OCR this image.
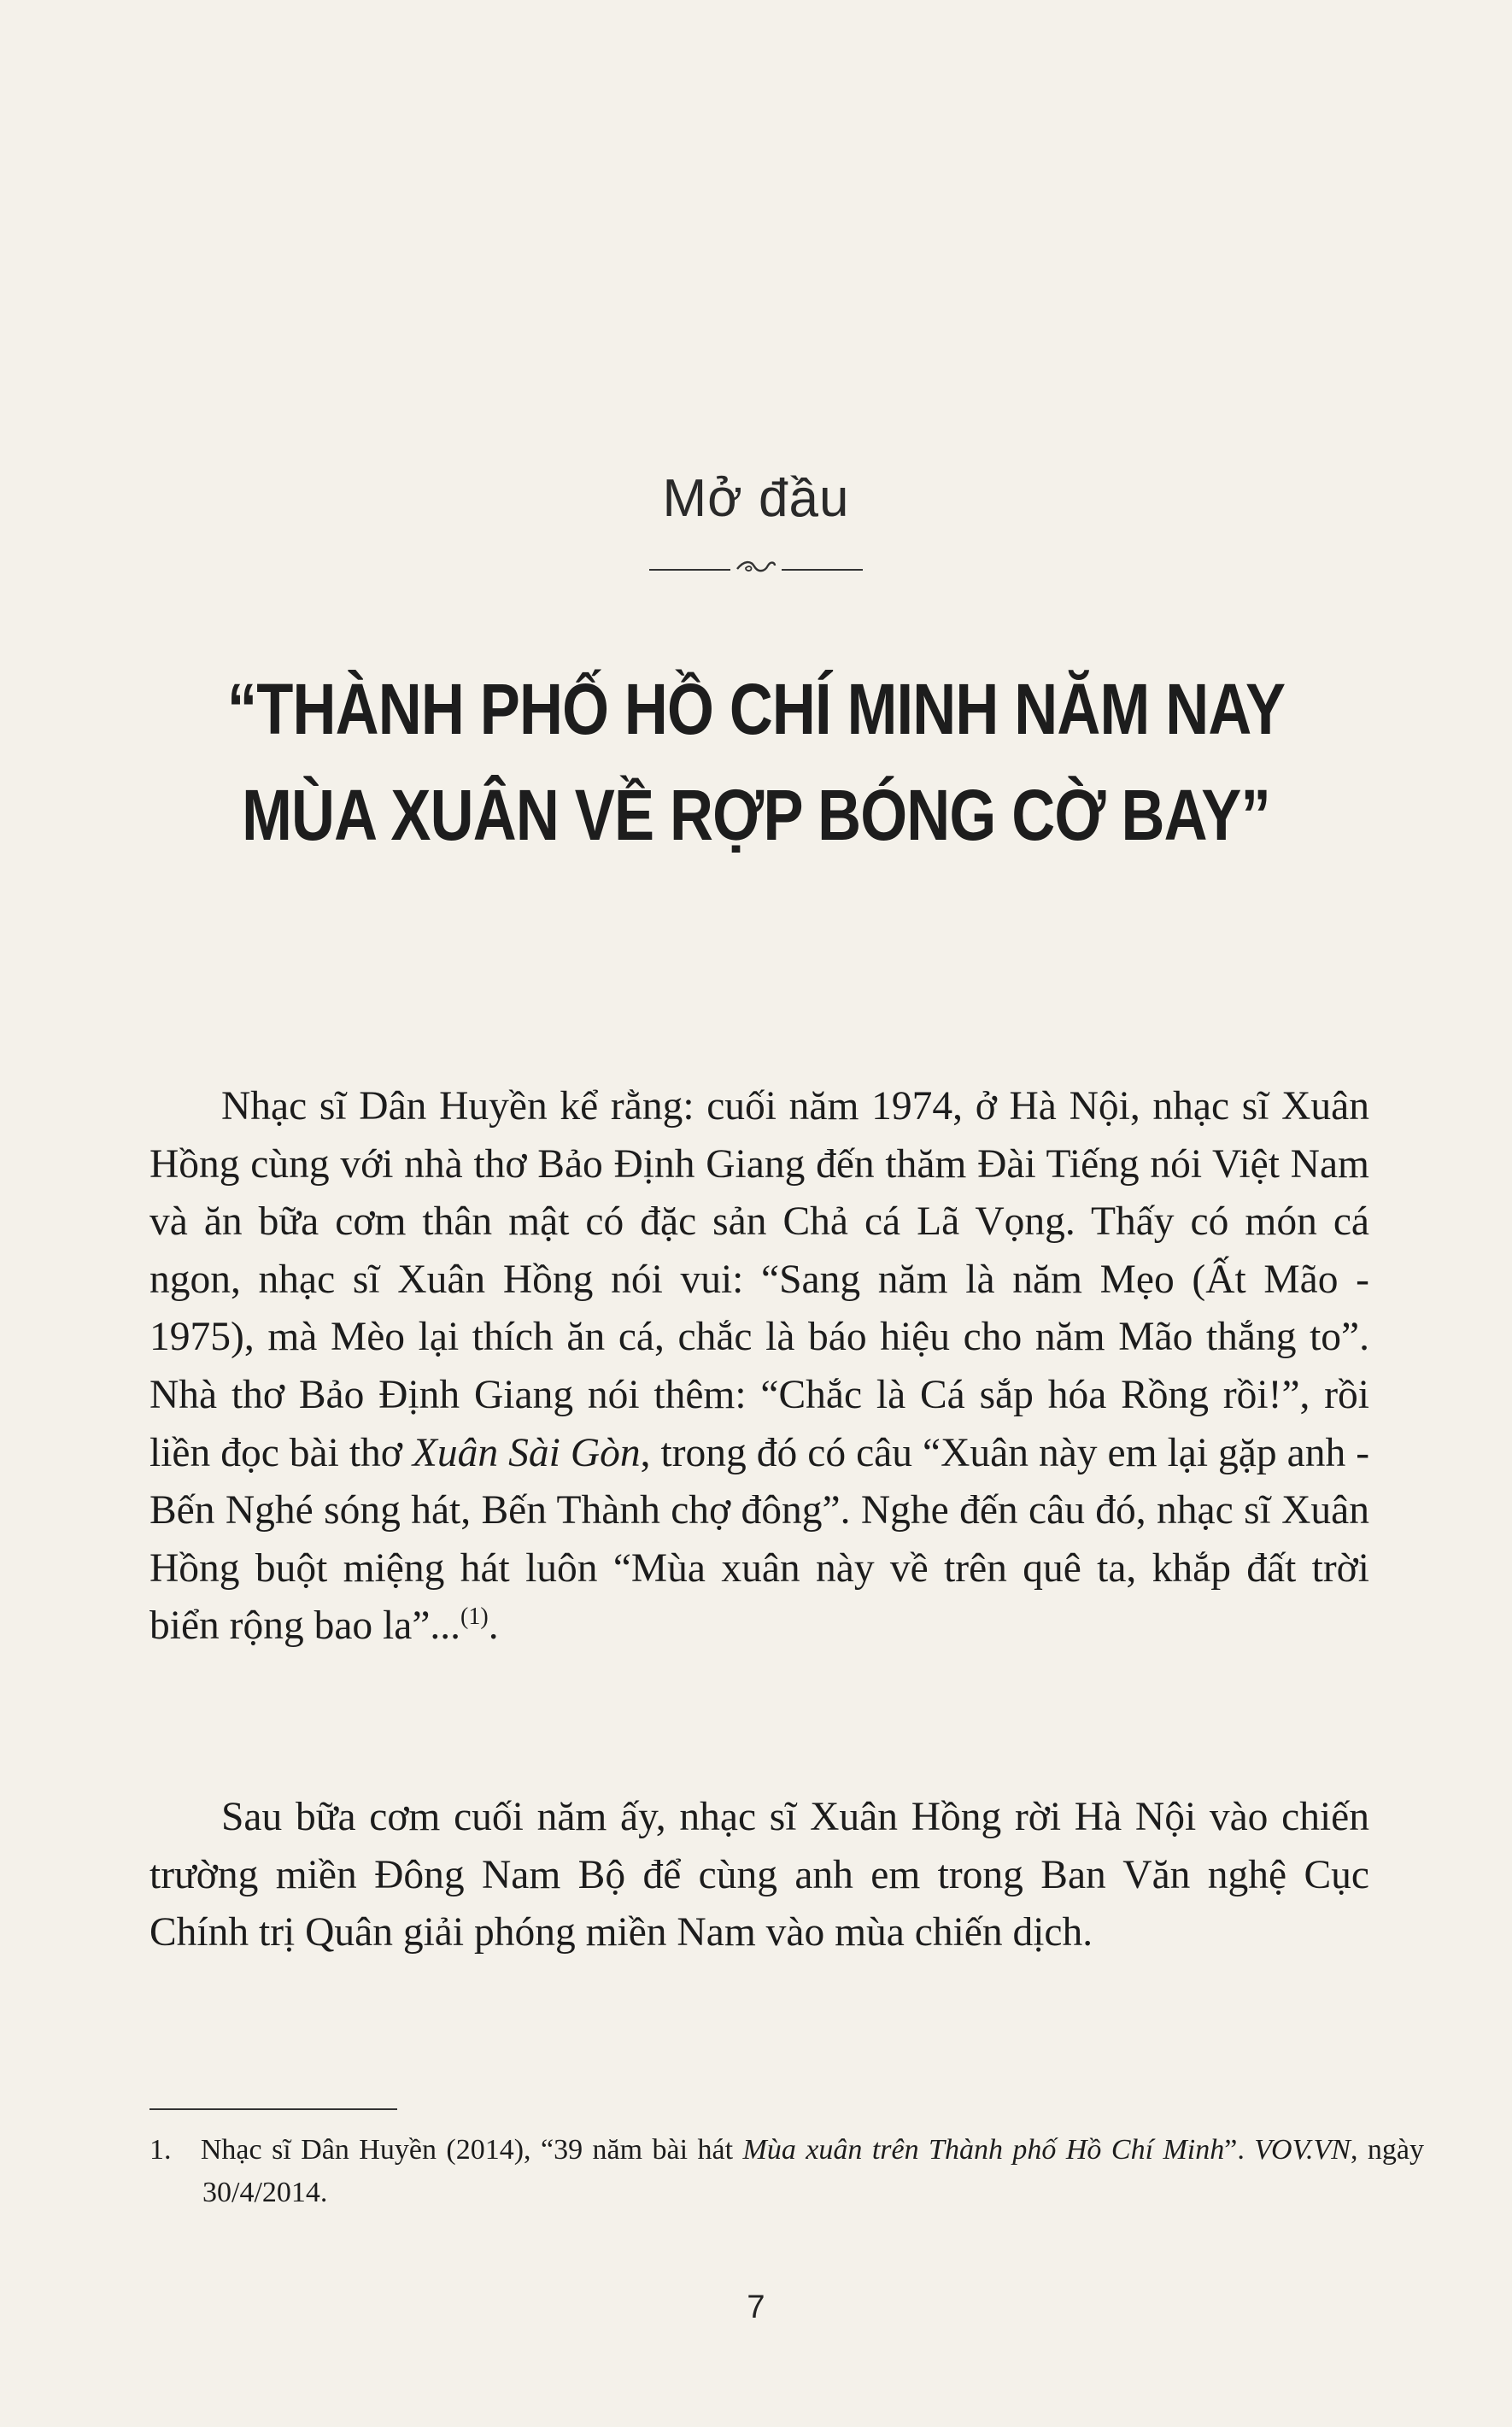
Mở đầu
“THÀNH PHỐ HỒ CHÍ MINH NĂM NAY
MÙA XUÂN VỀ RỢP BÓNG CỜ BAY”

Nhạc sĩ Dân Huyền kể rằng: cuối năm 1974, ở Hà Nội, nhạc sĩ Xuân Hồng cùng với nhà thơ Bảo Định Giang đến thăm Đài Tiếng nói Việt Nam và ăn bữa cơm thân mật có đặc sản Chả cá Lã Vọng. Thấy có món cá ngon, nhạc sĩ Xuân Hồng nói vui: “Sang năm là năm Mẹo (Ất Mão - 1975), mà Mèo lại thích ăn cá, chắc là báo hiệu cho năm Mão thắng to”. Nhà thơ Bảo Định Giang nói thêm: “Chắc là Cá sắp hóa Rồng rồi!”, rồi liền đọc bài thơ Xuân Sài Gòn, trong đó có câu “Xuân này em lại gặp anh - Bến Nghé sóng hát, Bến Thành chợ đông”. Nghe đến câu đó, nhạc sĩ Xuân Hồng buột miệng hát luôn “Mùa xuân này về trên quê ta, khắp đất trời biển rộng bao la”...$^{(1)}$.

Sau bữa cơm cuối năm ấy, nhạc sĩ Xuân Hồng rời Hà Nội vào chiến trường miền Đông Nam Bộ để cùng anh em trong Ban Văn nghệ Cục Chính trị Quân giải phóng miền Nam vào mùa chiến dịch.

1. Nhạc sĩ Dân Huyền (2014), “39 năm bài hát Mùa xuân trên Thành phố Hồ Chí Minh”. VOV.VN, ngày 30/4/2014.

7
